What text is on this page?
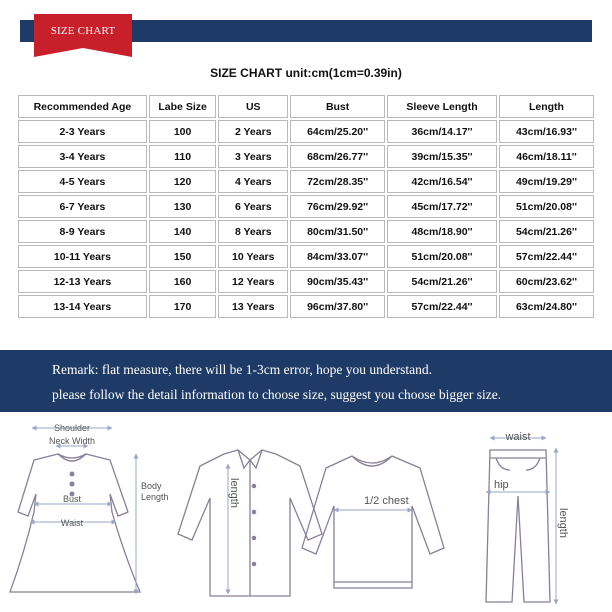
SIZE CHART
SIZE CHART unit:cm(1cm=0.39in)
Recommended Age	Labe Size	US	Bust	Sleeve Length	Length
2-3 Years	100	2 Years	64cm/25.20''	36cm/14.17''	43cm/16.93''
3-4 Years	110	3 Years	68cm/26.77''	39cm/15.35''	46cm/18.11''
4-5 Years	120	4 Years	72cm/28.35''	42cm/16.54''	49cm/19.29''
6-7 Years	130	6 Years	76cm/29.92''	45cm/17.72''	51cm/20.08''
8-9 Years	140	8 Years	80cm/31.50''	48cm/18.90''	54cm/21.26''
10-11 Years	150	10 Years	84cm/33.07''	51cm/20.08''	57cm/22.44''
12-13 Years	160	12 Years	90cm/35.43''	54cm/21.26''	60cm/23.62''
13-14 Years	170	13 Years	96cm/37.80''	57cm/22.44''	63cm/24.80''
Remark: flat measure, there will be 1-3cm error, hope you understand.
please follow the detail information to choose size, suggest you choose bigger size.
Shoulder
Neck Width
Bust
Waist
Body
Length	length	1/2 chest
waist
hip
length
